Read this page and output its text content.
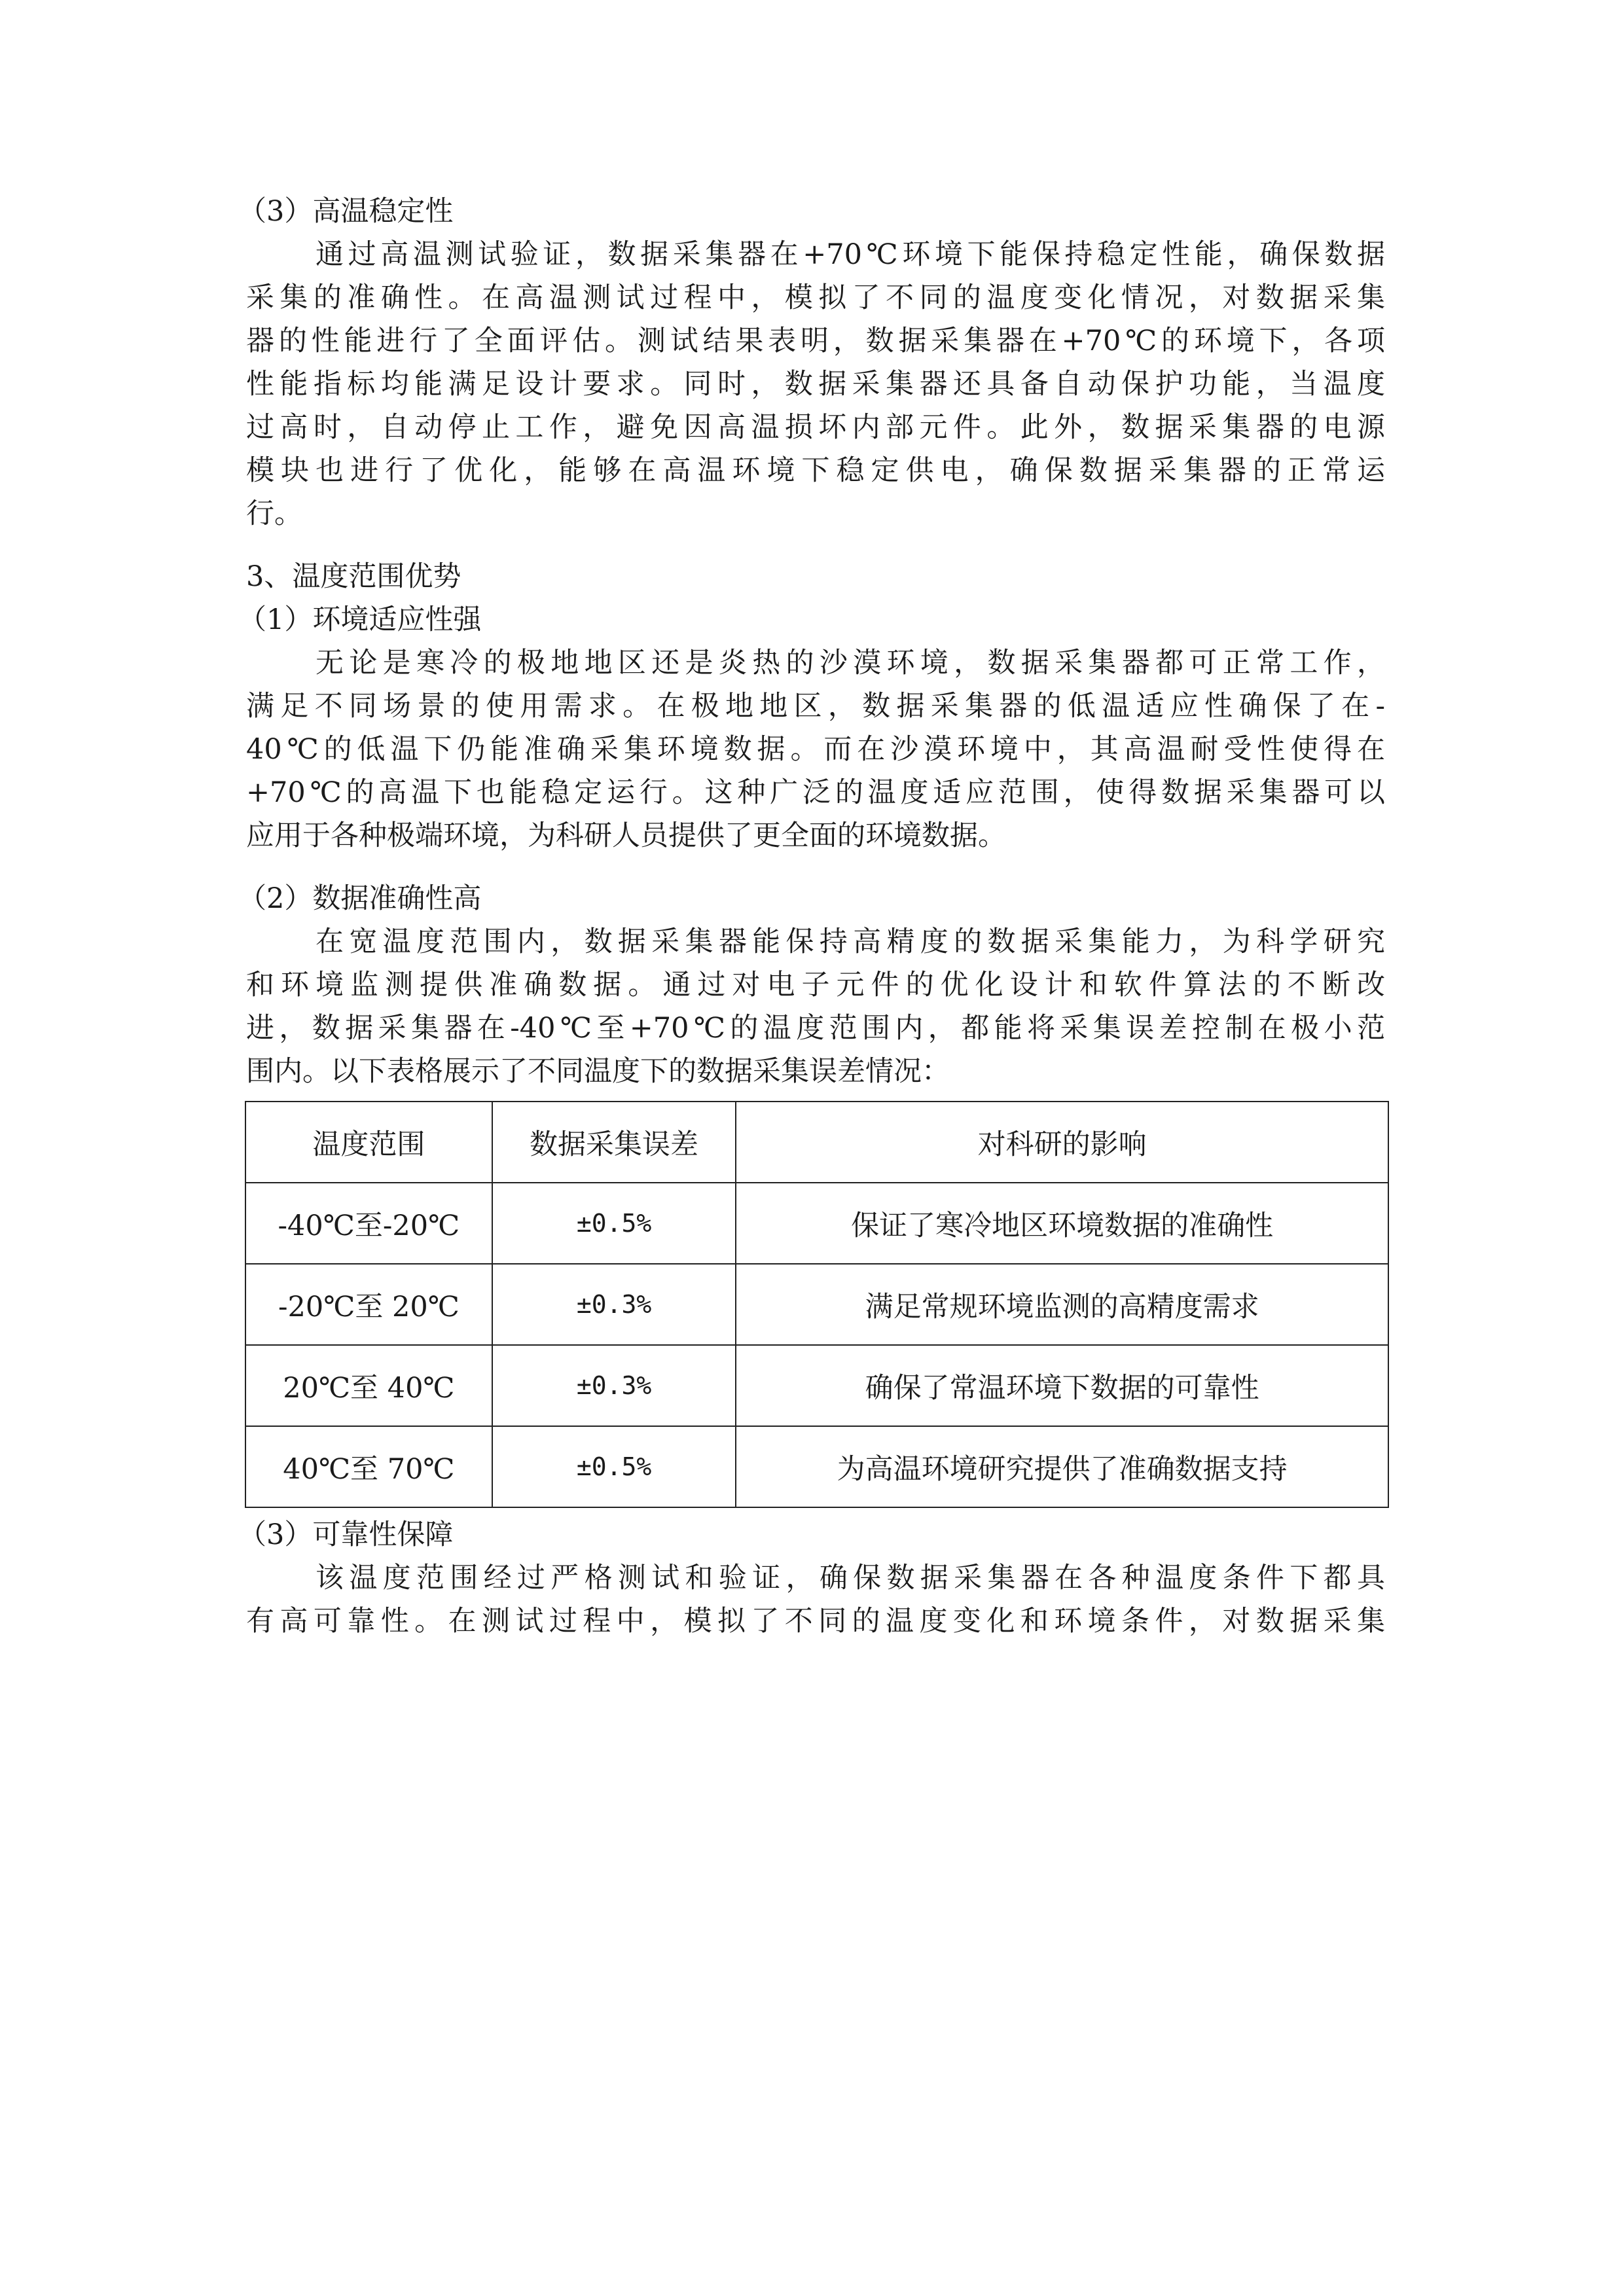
（3）高温稳定性

通过高温测试验证，数据采集器在+70℃环境下能保持稳定性能，确保数据
采集的准确性。在高温测试过程中，模拟了不同的温度变化情况，对数据采集
器的性能进行了全面评估。测试结果表明，数据采集器在+70℃的环境下，各项
性能指标均能满足设计要求。同时，数据采集器还具备自动保护功能，当温度
过高时，自动停止工作，避免因高温损坏内部元件。此外，数据采集器的电源
模块也进行了优化，能够在高温环境下稳定供电，确保数据采集器的正常运
行。

3、温度范围优势

（1）环境适应性强

无论是寒冷的极地地区还是炎热的沙漠环境，数据采集器都可正常工作，
满足不同场景的使用需求。在极地地区，数据采集器的低温适应性确保了在-
40℃的低温下仍能准确采集环境数据。而在沙漠环境中，其高温耐受性使得在
+70℃的高温下也能稳定运行。这种广泛的温度适应范围，使得数据采集器可以
应用于各种极端环境，为科研人员提供了更全面的环境数据。

（2）数据准确性高

在宽温度范围内，数据采集器能保持高精度的数据采集能力，为科学研究
和环境监测提供准确数据。通过对电子元件的优化设计和软件算法的不断改
进，数据采集器在-40℃至+70℃的温度范围内，都能将采集误差控制在极小范
围内。以下表格展示了不同温度下的数据采集误差情况：
温度范围	数据采集误差	对科研的影响
-40℃至-20℃	±0.5%	保证了寒冷地区环境数据的准确性
-20℃至 20℃	±0.3%	满足常规环境监测的高精度需求
20℃至 40℃	±0.3%	确保了常温环境下数据的可靠性
40℃至 70℃	±0.5%	为高温环境研究提供了准确数据支持

（3）可靠性保障

该温度范围经过严格测试和验证，确保数据采集器在各种温度条件下都具
有高可靠性。在测试过程中，模拟了不同的温度变化和环境条件，对数据采集
